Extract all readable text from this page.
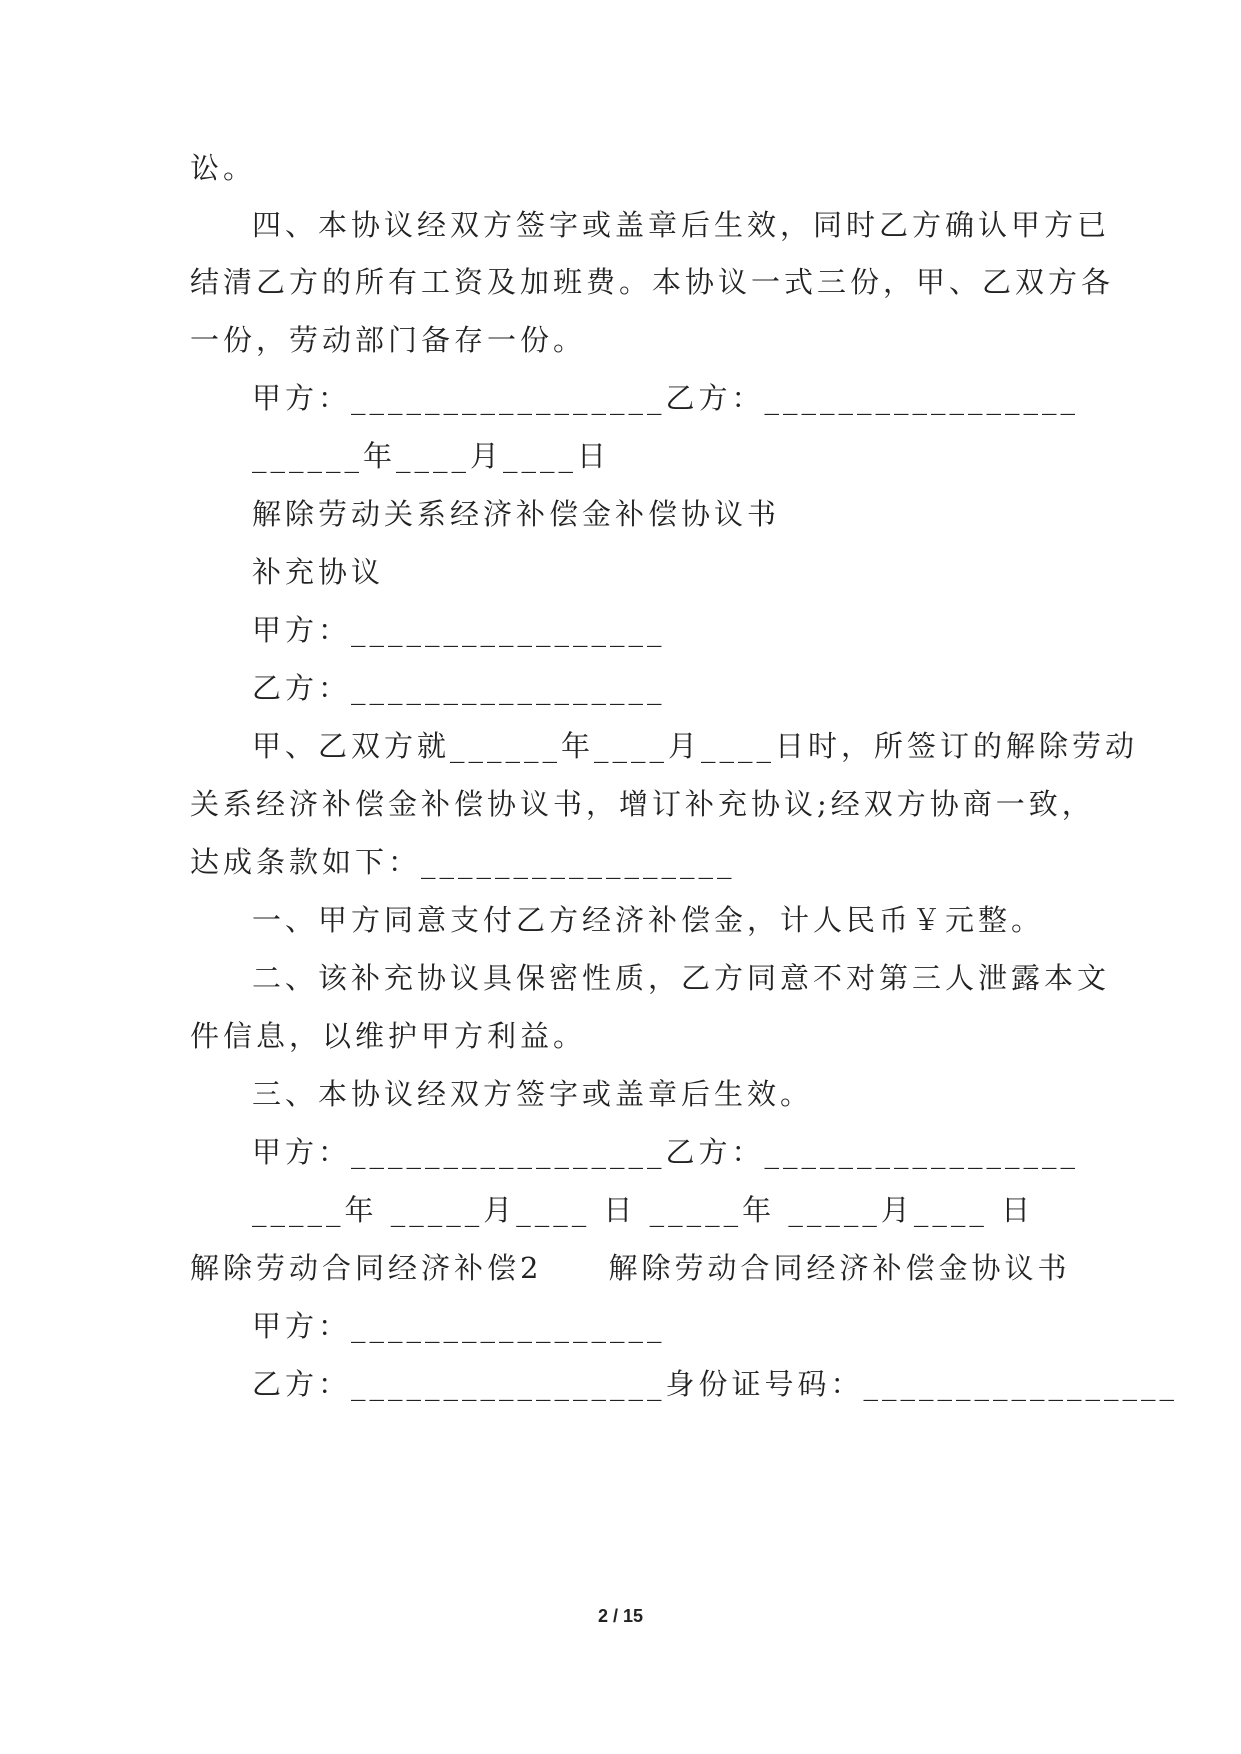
讼。
四、本协议经双方签字或盖章后生效，同时乙方确认甲方已
结清乙方的所有工资及加班费。本协议一式三份，甲、乙双方各
一份，劳动部门备存一份。
甲方：_________________乙方：_________________
______年____月____日
解除劳动关系经济补偿金补偿协议书
补充协议
甲方：_________________
乙方：_________________
甲、乙双方就______年____月____日时，所签订的解除劳动
关系经济补偿金补偿协议书，增订补充协议;经双方协商一致，
达成条款如下：_________________
一、甲方同意支付乙方经济补偿金，计人民币￥元整。
二、该补充协议具保密性质，乙方同意不对第三人泄露本文
件信息，以维护甲方利益。
三、本协议经双方签字或盖章后生效。
甲方：_________________乙方：_________________
_____年 _____月____ 日 _____年 _____月____ 日
解除劳动合同经济补偿2　　解除劳动合同经济补偿金协议书
甲方：_________________
乙方：_________________身份证号码：_________________
2 / 15
